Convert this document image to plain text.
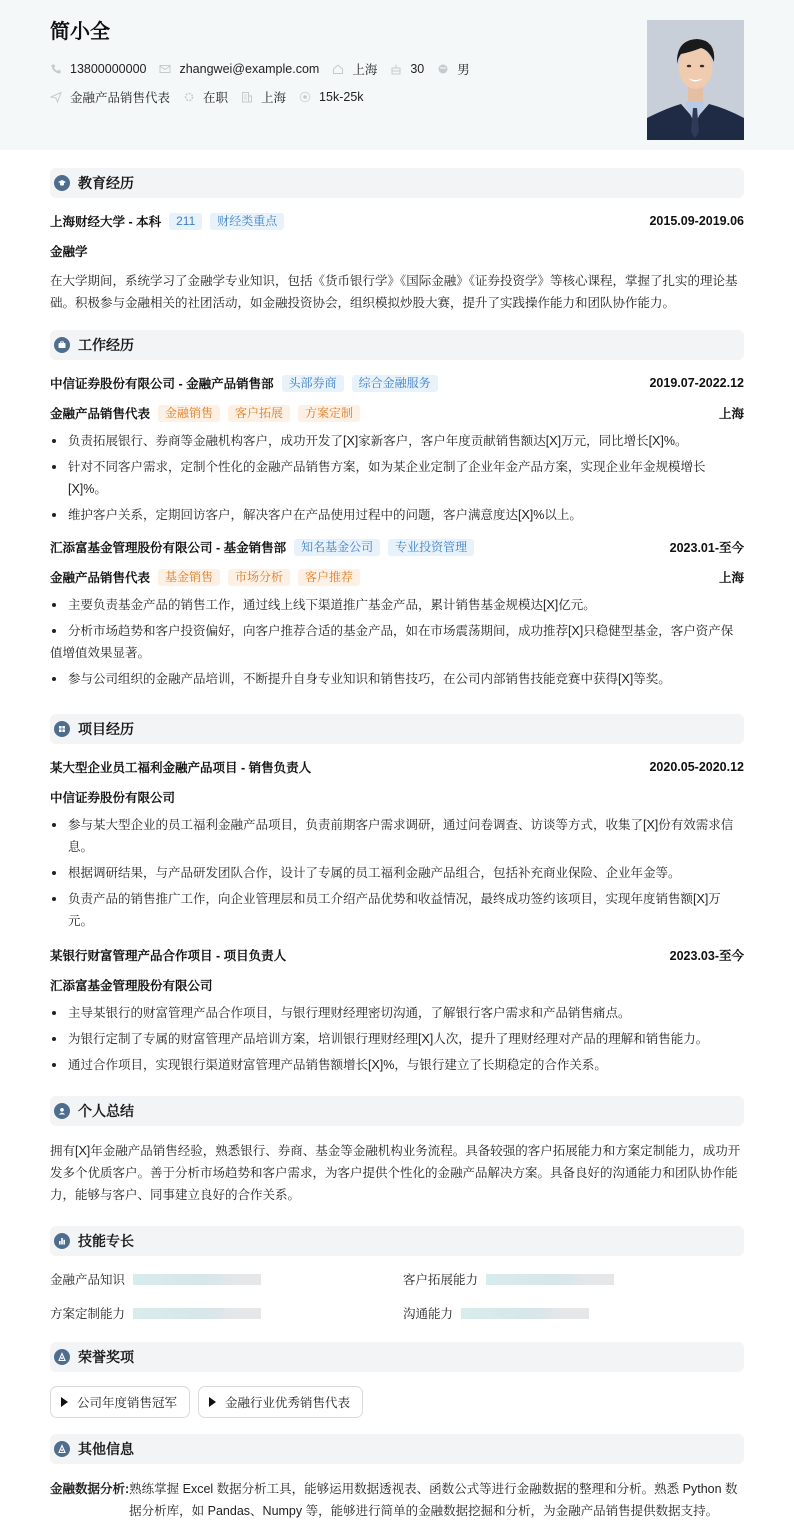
简小全
13800000000	zhangwei@example.com	上海	30	男
金融产品销售代表	在职	上海	15k-25k
教育经历
上海财经大学 - 本科	211	财经类重点	2015.09-2019.06
金融学
在大学期间，系统学习了金融学专业知识，包括《货币银行学》《国际金融》《证券投资学》等核心课程，掌握了扎实的理论基础。积极参与金融相关的社团活动，如金融投资协会，组织模拟炒股大赛，提升了实践操作能力和团队协作能力。
工作经历
中信证券股份有限公司 - 金融产品销售部	头部券商	综合金融服务	2019.07-2022.12
金融产品销售代表	金融销售	客户拓展	方案定制	上海
负责拓展银行、券商等金融机构客户，成功开发了[X]家新客户，客户年度贡献销售额达[X]万元，同比增长[X]%。
针对不同客户需求，定制个性化的金融产品销售方案，如为某企业定制了企业年金产品方案，实现企业年金规模增长[X]%。
维护客户关系，定期回访客户，解决客户在产品使用过程中的问题，客户满意度达[X]%以上。
汇添富基金管理股份有限公司 - 基金销售部	知名基金公司	专业投资管理	2023.01-至今
金融产品销售代表	基金销售	市场分析	客户推荐	上海
主要负责基金产品的销售工作，通过线上线下渠道推广基金产品，累计销售基金规模达[X]亿元。
分析市场趋势和客户投资偏好，向客户推荐合适的基金产品，如在市场震荡期间，成功推荐[X]只稳健型基金，客户资产保值增值效果显著。
参与公司组织的金融产品培训，不断提升自身专业知识和销售技巧，在公司内部销售技能竞赛中获得[X]等奖。
项目经历
某大型企业员工福利金融产品项目 - 销售负责人	2020.05-2020.12
中信证券股份有限公司
参与某大型企业的员工福利金融产品项目，负责前期客户需求调研，通过问卷调查、访谈等方式，收集了[X]份有效需求信息。
根据调研结果，与产品研发团队合作，设计了专属的员工福利金融产品组合，包括补充商业保险、企业年金等。
负责产品的销售推广工作，向企业管理层和员工介绍产品优势和收益情况，最终成功签约该项目，实现年度销售额[X]万元。
某银行财富管理产品合作项目 - 项目负责人	2023.03-至今
汇添富基金管理股份有限公司
主导某银行的财富管理产品合作项目，与银行理财经理密切沟通，了解银行客户需求和产品销售痛点。
为银行定制了专属的财富管理产品培训方案，培训银行理财经理[X]人次，提升了理财经理对产品的理解和销售能力。
通过合作项目，实现银行渠道财富管理产品销售额增长[X]%，与银行建立了长期稳定的合作关系。
个人总结
拥有[X]年金融产品销售经验，熟悉银行、券商、基金等金融机构业务流程。具备较强的客户拓展能力和方案定制能力，成功开发多个优质客户。善于分析市场趋势和客户需求，为客户提供个性化的金融产品解决方案。具备良好的沟通能力和团队协作能力，能够与客户、同事建立良好的合作关系。
技能专长
金融产品知识	客户拓展能力
方案定制能力	沟通能力
荣誉奖项
公司年度销售冠军	金融行业优秀销售代表
其他信息
金融数据分析: 熟练掌握 Excel 数据分析工具，能够运用数据透视表、函数公式等进行金融数据的整理和分析。熟悉 Python 数据分析库，如 Pandas、Numpy 等，能够进行简单的金融数据挖掘和分析，为金融产品销售提供数据支持。
